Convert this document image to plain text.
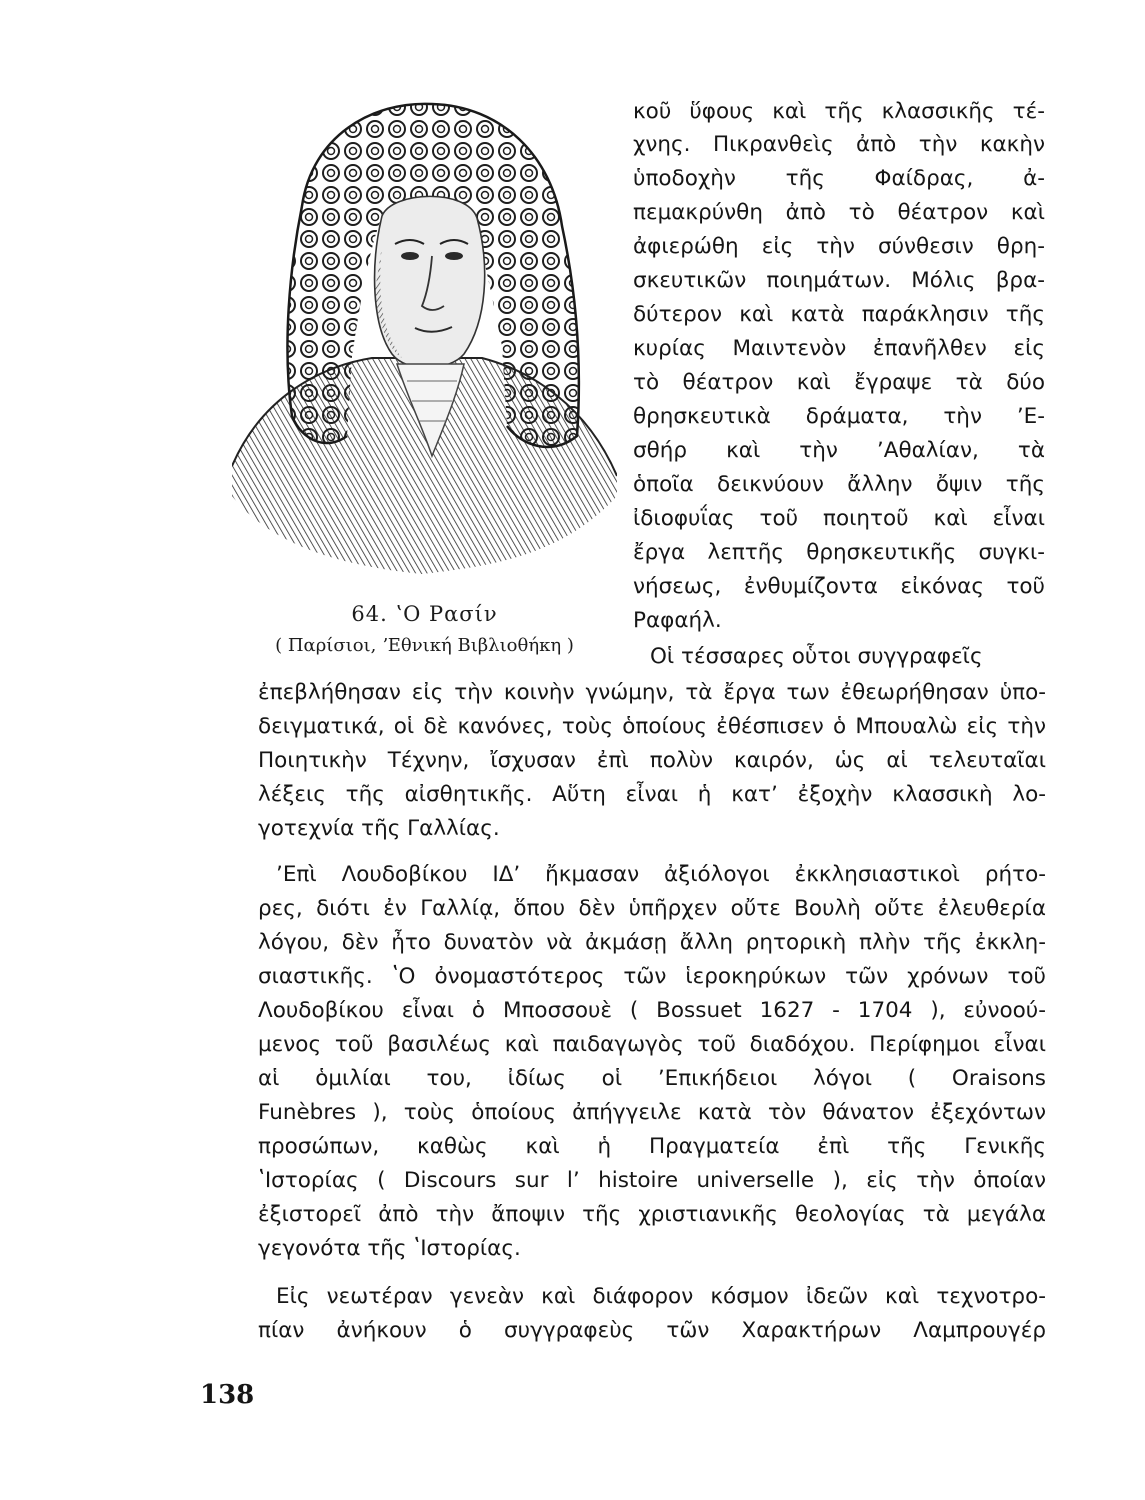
64. ʽΟ Ρασίν
( Παρίσιοι, ʼΕθνική Βιβλιοθήκη )
κοῦ ὕφους καὶ τῆς κλασσικῆς τέ-
χνης. Πικρανθεὶς ἀπὸ τὴν κακὴν
ὑποδοχὴν τῆς Φαίδρας, ἀ-
πεμακρύνθη ἀπὸ τὸ θέατρον καὶ
ἀφιερώθη εἰς τὴν σύνθεσιν θρη-
σκευτικῶν ποιημάτων. Μόλις βρα-
δύτερον καὶ κατὰ παράκλησιν τῆς
κυρίας Μαιντενὸν ἐπανῆλθεν εἰς
τὸ θέατρον καὶ ἔγραψε τὰ δύο
θρησκευτικὰ δράματα, τὴν ʼΕ-
σθήρ καὶ τὴν ʼΑθαλίαν, τὰ
ὁποῖα δεικνύουν ἄλλην ὄψιν τῆς
ἰδιοφυΐας τοῦ ποιητοῦ καὶ εἶναι
ἔργα λεπτῆς θρησκευτικῆς συγκι-
νήσεως, ἐνθυμίζοντα εἰκόνας τοῦ
Ραφαήλ.
Οἱ τέσσαρες οὗτοι συγγραφεῖς
ἐπεβλήθησαν εἰς τὴν κοινὴν γνώμην, τὰ ἔργα των ἐθεωρήθησαν ὑπο-
δειγματικά, οἱ δὲ κανόνες, τοὺς ὁποίους ἐθέσπισεν ὁ Μπουαλὼ εἰς τὴν
Ποιητικὴν Τέχνην, ἴσχυσαν ἐπὶ πολὺν καιρόν, ὡς αἱ τελευταῖαι
λέξεις τῆς αἰσθητικῆς. Αὕτη εἶναι ἡ κατʼ ἐξοχὴν κλασσικὴ λο-
γοτεχνία τῆς Γαλλίας.
ʼΕπὶ Λουδοβίκου ΙΔʼ ἤκμασαν ἀξιόλογοι ἐκκλησιαστικοὶ ρήτο-
ρες, διότι ἐν Γαλλίᾳ, ὅπου δὲν ὑπῆρχεν οὔτε Βουλὴ οὔτε ἐλευθερία
λόγου, δὲν ἦτο δυνατὸν νὰ ἀκμάσῃ ἄλλη ρητορικὴ πλὴν τῆς ἐκκλη-
σιαστικῆς. ʽΟ ὀνομαστότερος τῶν ἱεροκηρύκων τῶν χρόνων τοῦ
Λουδοβίκου εἶναι ὁ Μποσσουὲ ( Bossuet 1627 - 1704 ), εὐνοού-
μενος τοῦ βασιλέως καὶ παιδαγωγὸς τοῦ διαδόχου. Περίφημοι εἶναι
αἱ ὁμιλίαι του, ἰδίως οἱ ʼΕπικήδειοι λόγοι ( Oraisons
Funèbres ), τοὺς ὁποίους ἀπήγγειλε κατὰ τὸν θάνατον ἐξεχόντων
προσώπων, καθὼς καὶ ἡ Πραγματεία ἐπὶ τῆς Γενικῆς
ʽΙστορίας ( Discours sur l’ histoire universelle ), εἰς τὴν ὁποίαν
ἐξιστορεῖ ἀπὸ τὴν ἄποψιν τῆς χριστιανικῆς θεολογίας τὰ μεγάλα
γεγονότα τῆς ʽΙστορίας.
Εἰς νεωτέραν γενεὰν καὶ διάφορον κόσμον ἰδεῶν καὶ τεχνοτρο-
πίαν ἀνήκουν ὁ συγγραφεὺς τῶν Χαρακτήρων Λαμπρουγέρ
138
